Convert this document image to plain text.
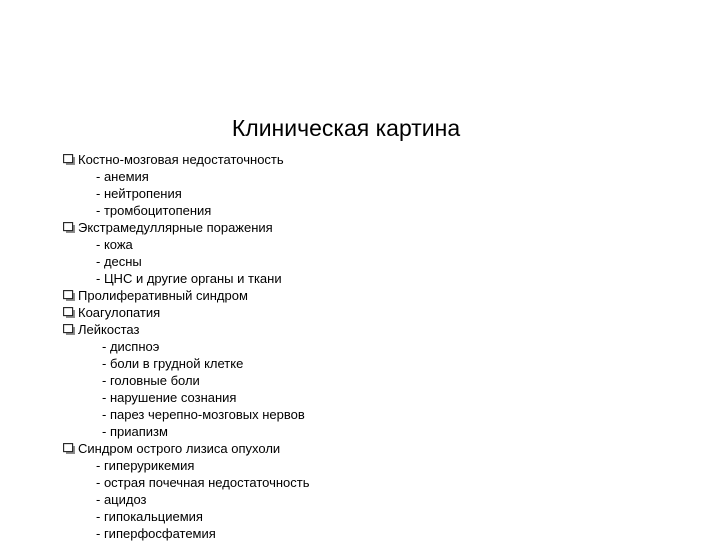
Клиническая картина
Костно-мозговая недостаточность
- анемия
- нейтропения
- тромбоцитопения
Экстрамедуллярные поражения
- кожа
- десны
- ЦНС и другие органы и ткани
Пролиферативный синдром
Коагулопатия
Лейкостаз
- диспноэ
- боли в грудной клетке
- головные боли
- нарушение сознания
- парез черепно-мозговых нервов
- приапизм
Синдром острого лизиса опухоли
- гиперурикемия
- острая почечная недостаточность
- ацидоз
- гипокальциемия
- гиперфосфатемия
